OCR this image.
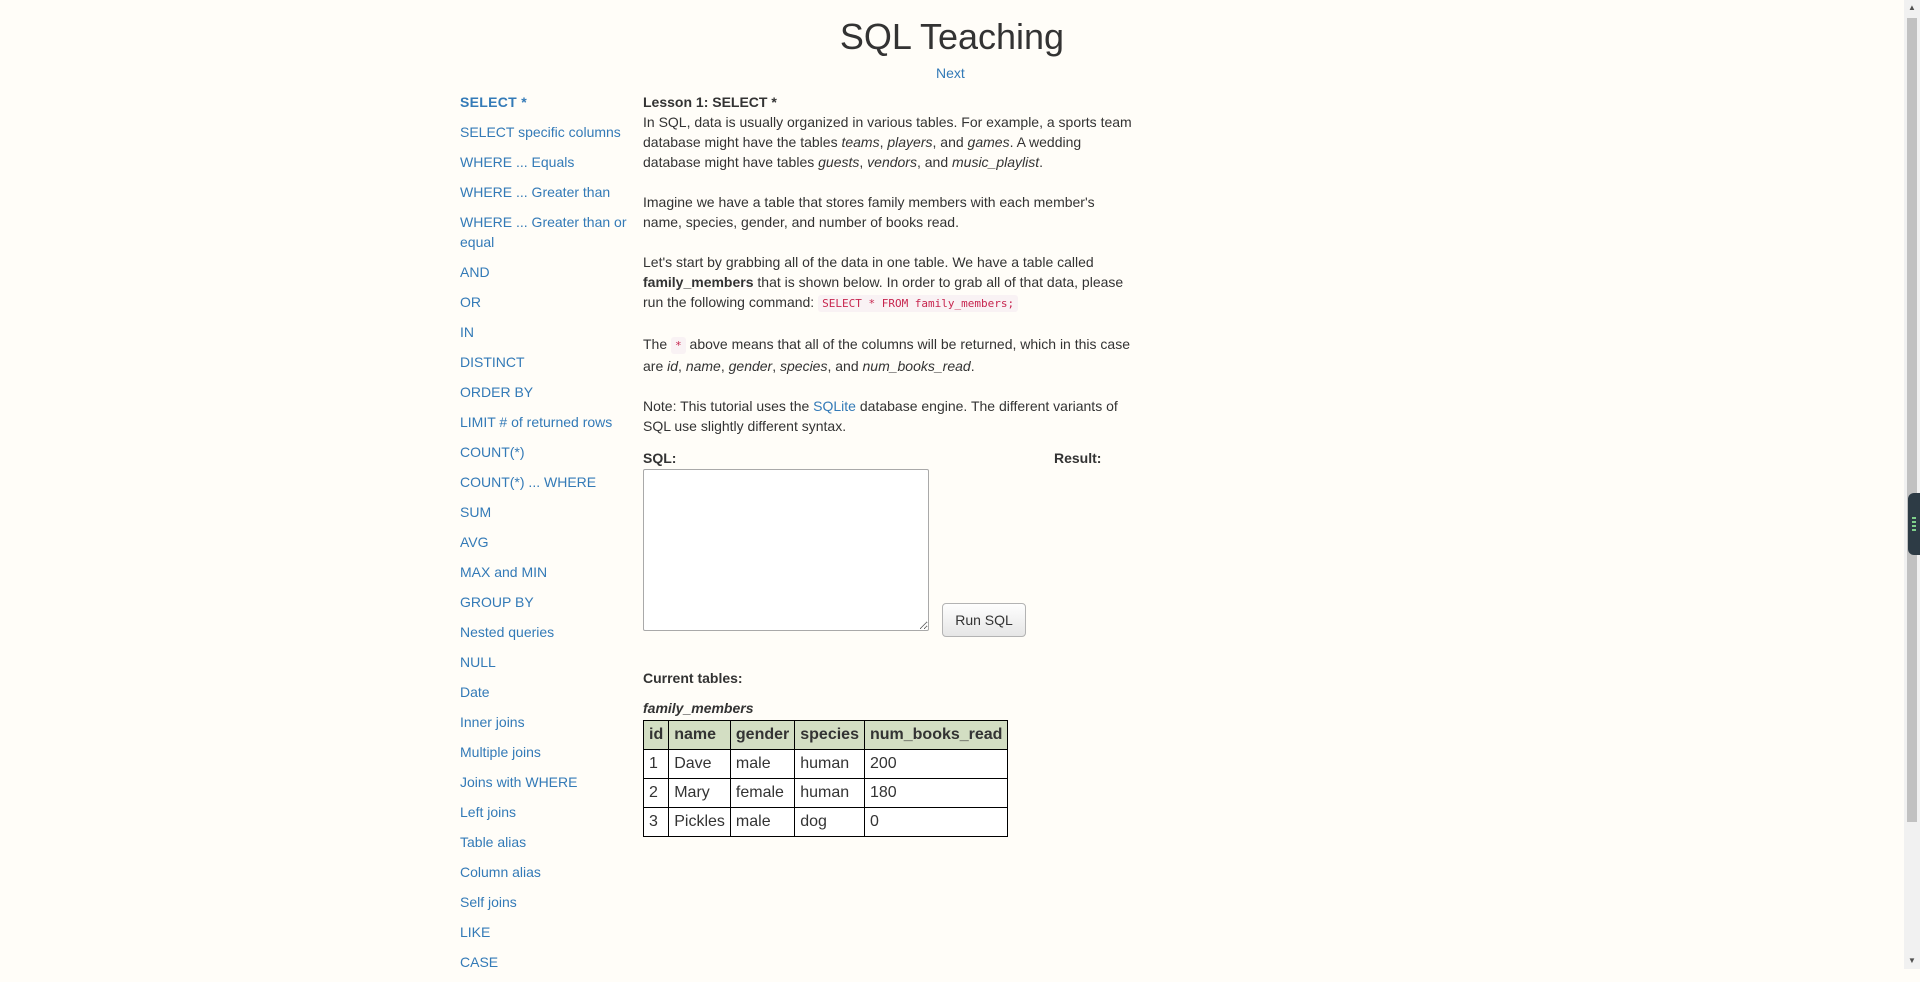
SQL Teaching
Next
SELECT *
SELECT specific columns
WHERE ... Equals
WHERE ... Greater than
WHERE ... Greater than or equal
AND
OR
IN
DISTINCT
ORDER BY
LIMIT # of returned rows
COUNT(*)
COUNT(*) ... WHERE
SUM
AVG
MAX and MIN
GROUP BY
Nested queries
NULL
Date
Inner joins
Multiple joins
Joins with WHERE
Left joins
Table alias
Column alias
Self joins
LIKE
CASE
Lesson 1: SELECT *

In SQL, data is usually organized in various tables. For example, a sports team database might have the tables teams, players, and games. A wedding database might have tables guests, vendors, and music_playlist.

Imagine we have a table that stores family members with each member's name, species, gender, and number of books read.

Let's start by grabbing all of the data in one table. We have a table called family_members that is shown below. In order to grab all of that data, please run the following command: SELECT * FROM family_members;

The * above means that all of the columns will be returned, which in this case are id, name, gender, species, and num_books_read.

Note: This tutorial uses the SQLite database engine. The different variants of SQL use slightly different syntax.

SQL:	Result:
Run SQL
Current tables:
family_members
id	name	gender	species	num_books_read
1	Dave	male	human	200
2	Mary	female	human	180
3	Pickles	male	dog	0
▲
▼
